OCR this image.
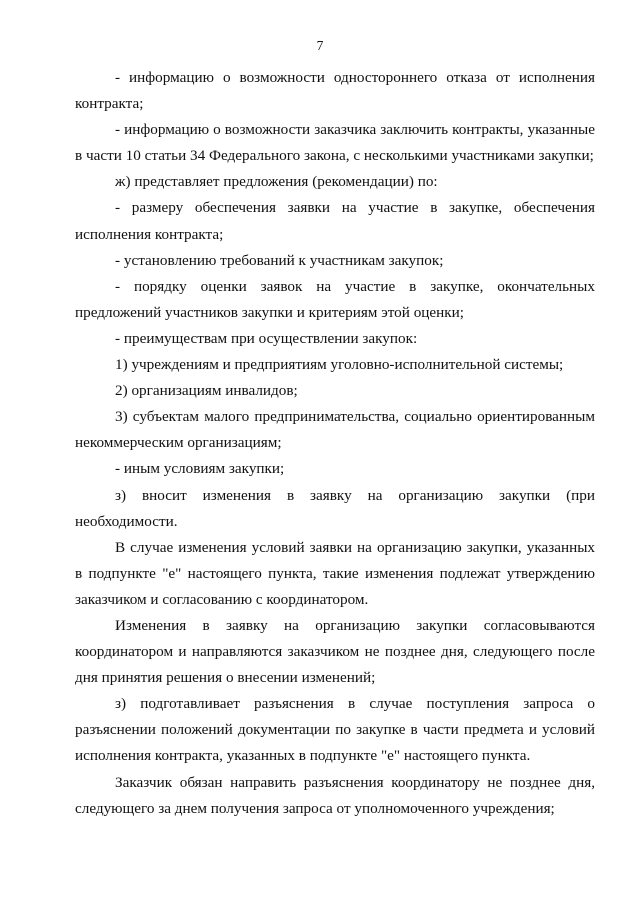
7

- информацию о возможности одностороннего отказа от исполнения контракта;

- информацию о возможности заказчика заключить контракты, указанные в части 10 статьи 34 Федерального закона, с несколькими участниками закупки;

ж) представляет предложения (рекомендации) по:

- размеру обеспечения заявки на участие в закупке, обеспечения исполнения контракта;

- установлению требований к участникам закупок;

- порядку оценки заявок на участие в закупке, окончательных предложений участников закупки и критериям этой оценки;

- преимуществам при осуществлении закупок:

1) учреждениям и предприятиям уголовно-исполнительной системы;

2) организациям инвалидов;

3) субъектам малого предпринимательства, социально ориентированным некоммерческим организациям;

- иным условиям закупки;

з) вносит изменения в заявку на организацию закупки (при необходимости.

В случае изменения условий заявки на организацию закупки, указанных в подпункте "е" настоящего пункта, такие изменения подлежат утверждению заказчиком и согласованию с координатором.

Изменения в заявку на организацию закупки согласовываются координатором и направляются заказчиком не позднее дня, следующего после дня принятия решения о внесении изменений;

з) подготавливает разъяснения в случае поступления запроса о разъяснении положений документации по закупке в части предмета и условий исполнения контракта, указанных в подпункте "е" настоящего пункта.

Заказчик обязан направить разъяснения координатору не позднее дня, следующего за днем получения запроса от уполномоченного учреждения;
